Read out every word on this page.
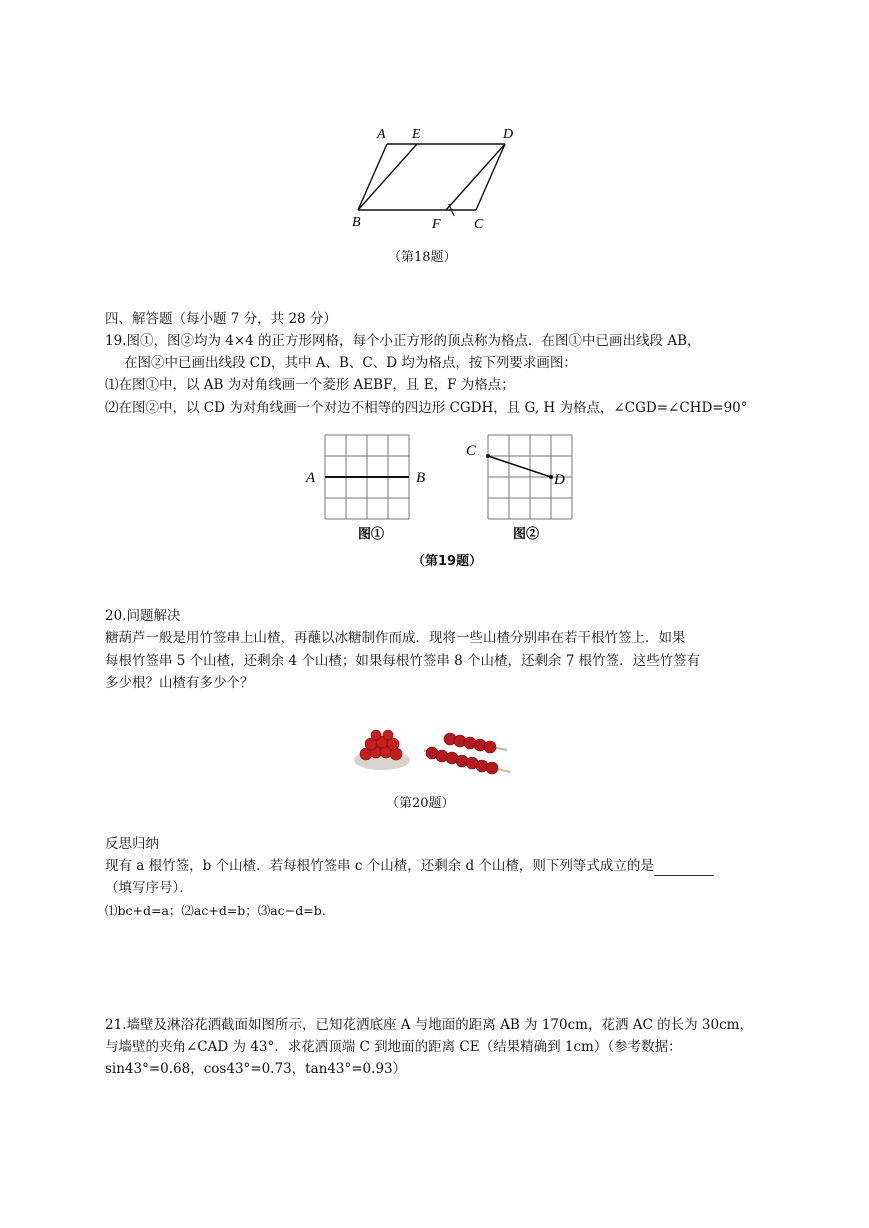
A E	D
B	F C
（第18题）
四、解答题（每小题 7 分，共 28 分）
19.图①，图②均为 4×4 的正方形网格，每个小正方形的顶点称为格点．在图①中已画出线段 AB，
在图②中已画出线段 CD，其中 A、B、C、D 均为格点，按下列要求画图：
⑴在图①中，以 AB 为对角线画一个菱形 AEBF，且 E，F 为格点；
⑵在图②中，以 CD 为对角线画一个对边不相等的四边形 CGDH，且 G, H 为格点，∠CGD=∠CHD=90°
A	B
图①
C
D
图②
（第19题）
20.问题解决
糖葫芦一般是用竹签串上山楂，再蘸以冰糖制作而成．现将一些山楂分别串在若干根竹签上．如果
每根竹签串 5 个山楂，还剩余 4 个山楂；如果每根竹签串 8 个山楂，还剩余 7 根竹签．这些竹签有
多少根？山楂有多少个？
（第20题）
反思归纳
现有 a 根竹签，b 个山楂．若每根竹签串 c 个山楂，还剩余 d 个山楂，则下列等式成立的是
（填写序号）．
⑴bc+d=a；⑵ac+d=b；⑶ac−d=b．
21.墙壁及淋浴花洒截面如图所示，已知花洒底座 A 与地面的距离 AB 为 170cm，花洒 AC 的长为 30cm，
与墙壁的夹角∠CAD 为 43°．求花洒顶端 C 到地面的距离 CE（结果精确到 1cm）（参考数据：
sin43°=0.68，cos43°=0.73，tan43°=0.93）
